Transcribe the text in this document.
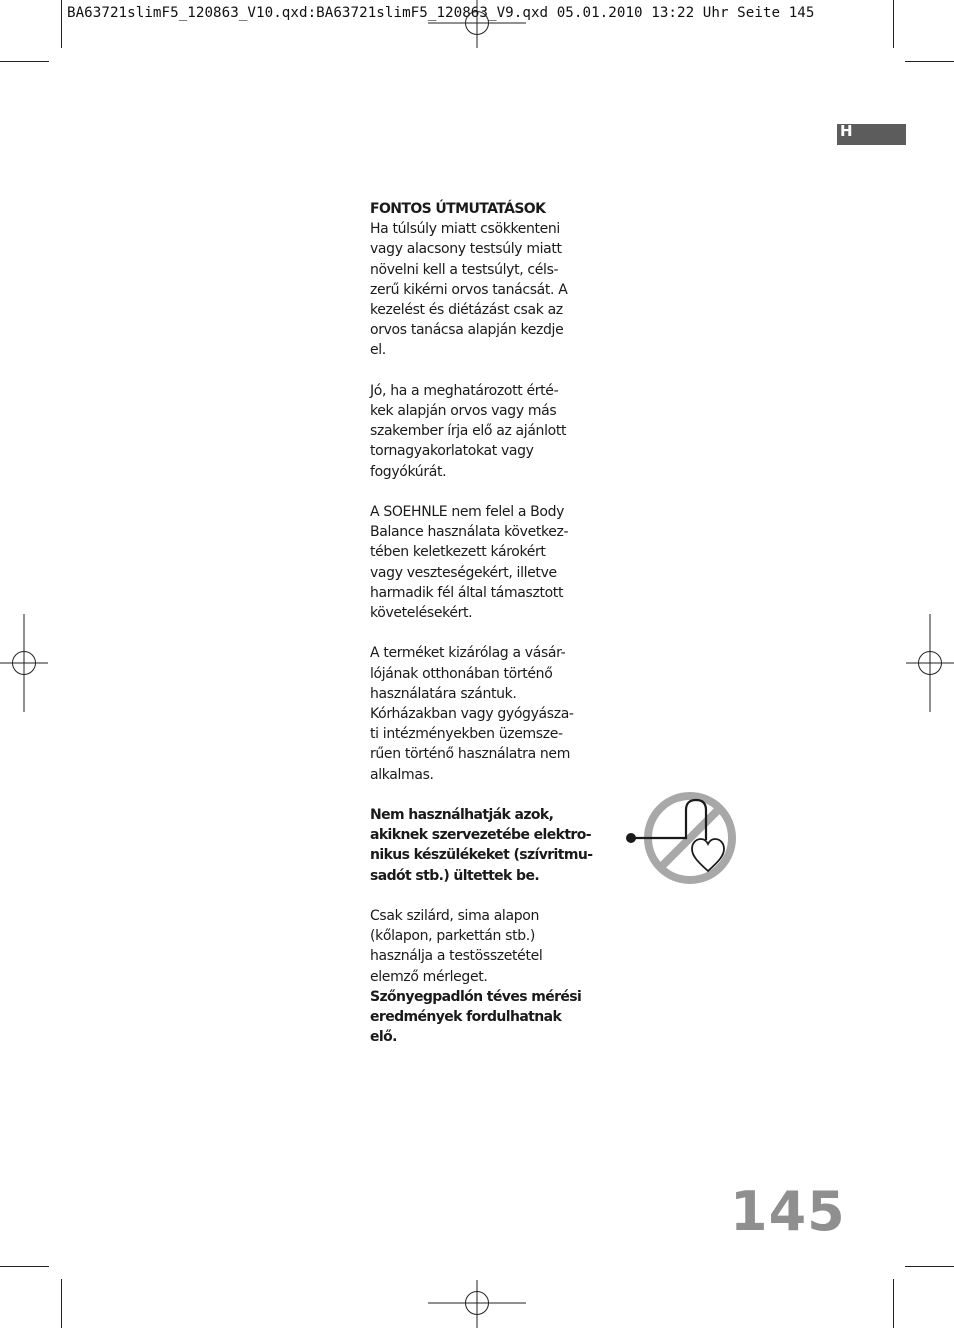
BA63721slimF5_120863_V10.qxd:BA63721slimF5_120863_V9.qxd 05.01.2010 13:22 Uhr Seite 145
H

FONTOS ÚTMUTATÁSOK

Ha túlsúly miatt csökkenteni
vagy alacsony testsúly miatt
növelni kell a testsúlyt, céls-
zerű kikérni orvos tanácsát. A
kezelést és diétázást csak az
orvos tanácsa alapján kezdje
el.

Jó, ha a meghatározott érté-
kek alapján orvos vagy más
szakember írja elő az ajánlott
tornagyakorlatokat vagy
fogyókúrát.

A SOEHNLE nem felel a Body
Balance használata következ-
tében keletkezett károkért
vagy veszteségekért, illetve
harmadik fél által támasztott
követelésekért.

A terméket kizárólag a vásár-
lójának otthonában történő
használatára szántuk.
Kórházakban vagy gyógyásza-
ti intézményekben üzemsze-
rűen történő használatra nem
alkalmas.

Nem használhatják azok,
akiknek szervezetébe elektro-
nikus készülékeket (szívritmu-
sadót stb.) ültettek be.

Csak szilárd, sima alapon
(kőlapon, parkettán stb.)
használja a testösszetétel
elemző mérleget.

Szőnyegpadlón téves mérési
eredmények fordulhatnak
elő.

145
